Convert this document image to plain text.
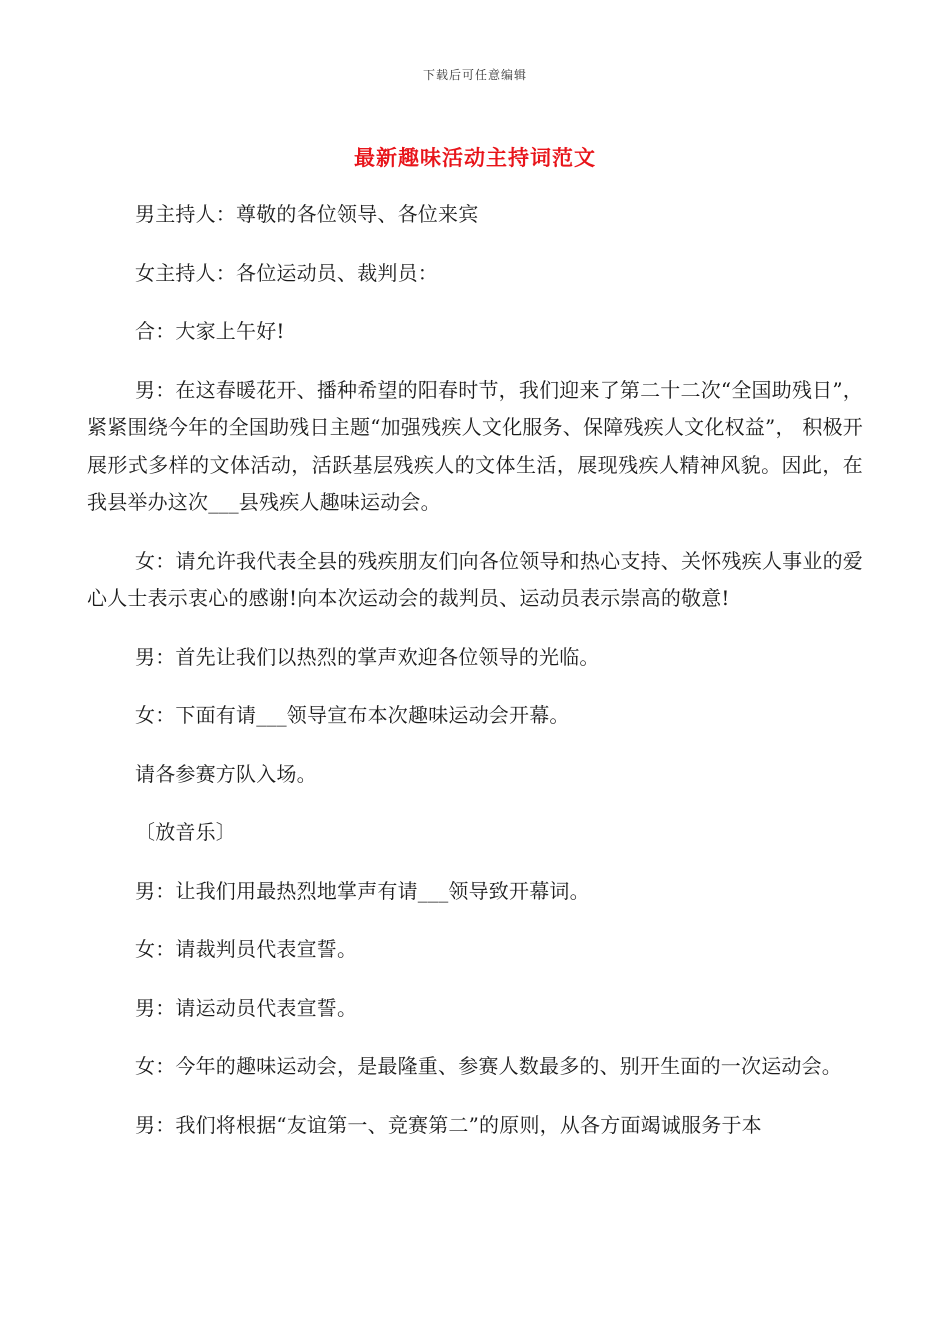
下载后可任意编辑
最新趣味活动主持词范文

男主持人：尊敬的各位领导、各位来宾

女主持人：各位运动员、裁判员：

合：大家上午好!

男：在这春暖花开、播种希望的阳春时节，我们迎来了第二十二次“全国助残日”， 紧紧围绕今年的全国助残日主题“加强残疾人文化服务、保障残疾人文化权益”， 积极开展形式多样的文体活动，活跃基层残疾人的文体生活，展现残疾人精神风貌。因此，在我县举办这次___县残疾人趣味运动会。

女：请允许我代表全县的残疾朋友们向各位领导和热心支持、关怀残疾人事业的爱心人士表示衷心的感谢!向本次运动会的裁判员、运动员表示崇高的敬意!

男：首先让我们以热烈的掌声欢迎各位领导的光临。

女：下面有请___领导宣布本次趣味运动会开幕。

请各参赛方队入场。

〔放音乐〕

男：让我们用最热烈地掌声有请___领导致开幕词。

女：请裁判员代表宣誓。

男：请运动员代表宣誓。

女：今年的趣味运动会，是最隆重、参赛人数最多的、别开生面的一次运动会。

男：我们将根据“友谊第一、竞赛第二”的原则，从各方面竭诚服务于本
